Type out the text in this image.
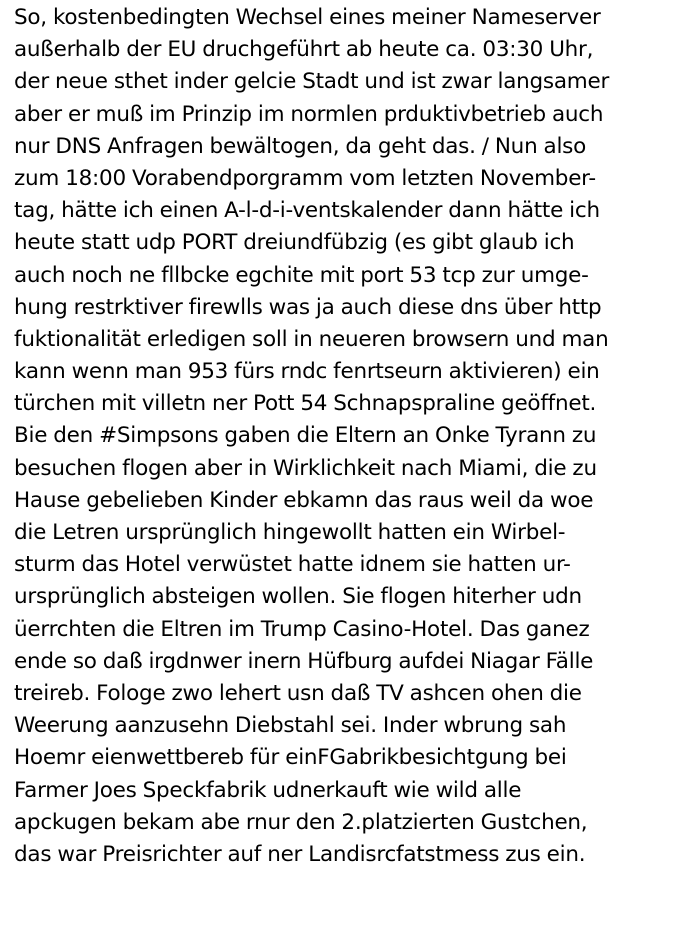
So, kostenbedingten Wechsel eines meiner Nameserver
außerhalb der EU druchgeführt ab heute ca. 03:30 Uhr,
der neue sthet inder gelcie Stadt und ist zwar langsamer
aber er muß im Prinzip im normlen prduktivbetrieb auch
nur DNS Anfragen bewältogen, da geht das. / Nun also
zum 18:00 Vorabendporgramm vom letzten November-
tag, hätte ich einen A-l-d-i-ventskalender dann hätte ich
heute statt udp PORT dreiundfübzig (es gibt glaub ich
auch noch ne fllbcke egchite mit port 53 tcp zur umge-
hung restrktiver firewlls was ja auch diese dns über http
fuktionalität erledigen soll in neueren browsern und man
kann wenn man 953 fürs rndc fenrtseurn aktivieren) ein
türchen mit villetn ner Pott 54 Schnapspraline geöffnet.
Bie den #Simpsons gaben die Eltern an Onke Tyrann zu
besuchen flogen aber in Wirklichkeit nach Miami, die zu
Hause gebelieben Kinder ebkamn das raus weil da woe
die Letren ursprünglich hingewollt hatten ein Wirbel-
sturm das Hotel verwüstet hatte idnem sie hatten ur-
ursprünglich absteigen wollen. Sie flogen hiterher udn
üerrchten die Eltren im Trump Casino-Hotel. Das ganez
ende so daß irgdnwer inern Hüfburg aufdei Niagar Fälle
treireb. Fologe zwo lehert usn daß TV ashcen ohen die
Weerung aanzusehn Diebstahl sei. Inder wbrung sah
Hoemr eienwettbereb für einFGabrikbesichtgung bei
Farmer Joes Speckfabrik udnerkauft wie wild alle
apckugen bekam abe rnur den 2.platzierten Gustchen,
das war Preisrichter auf ner Landisrcfatstmess zus ein.
